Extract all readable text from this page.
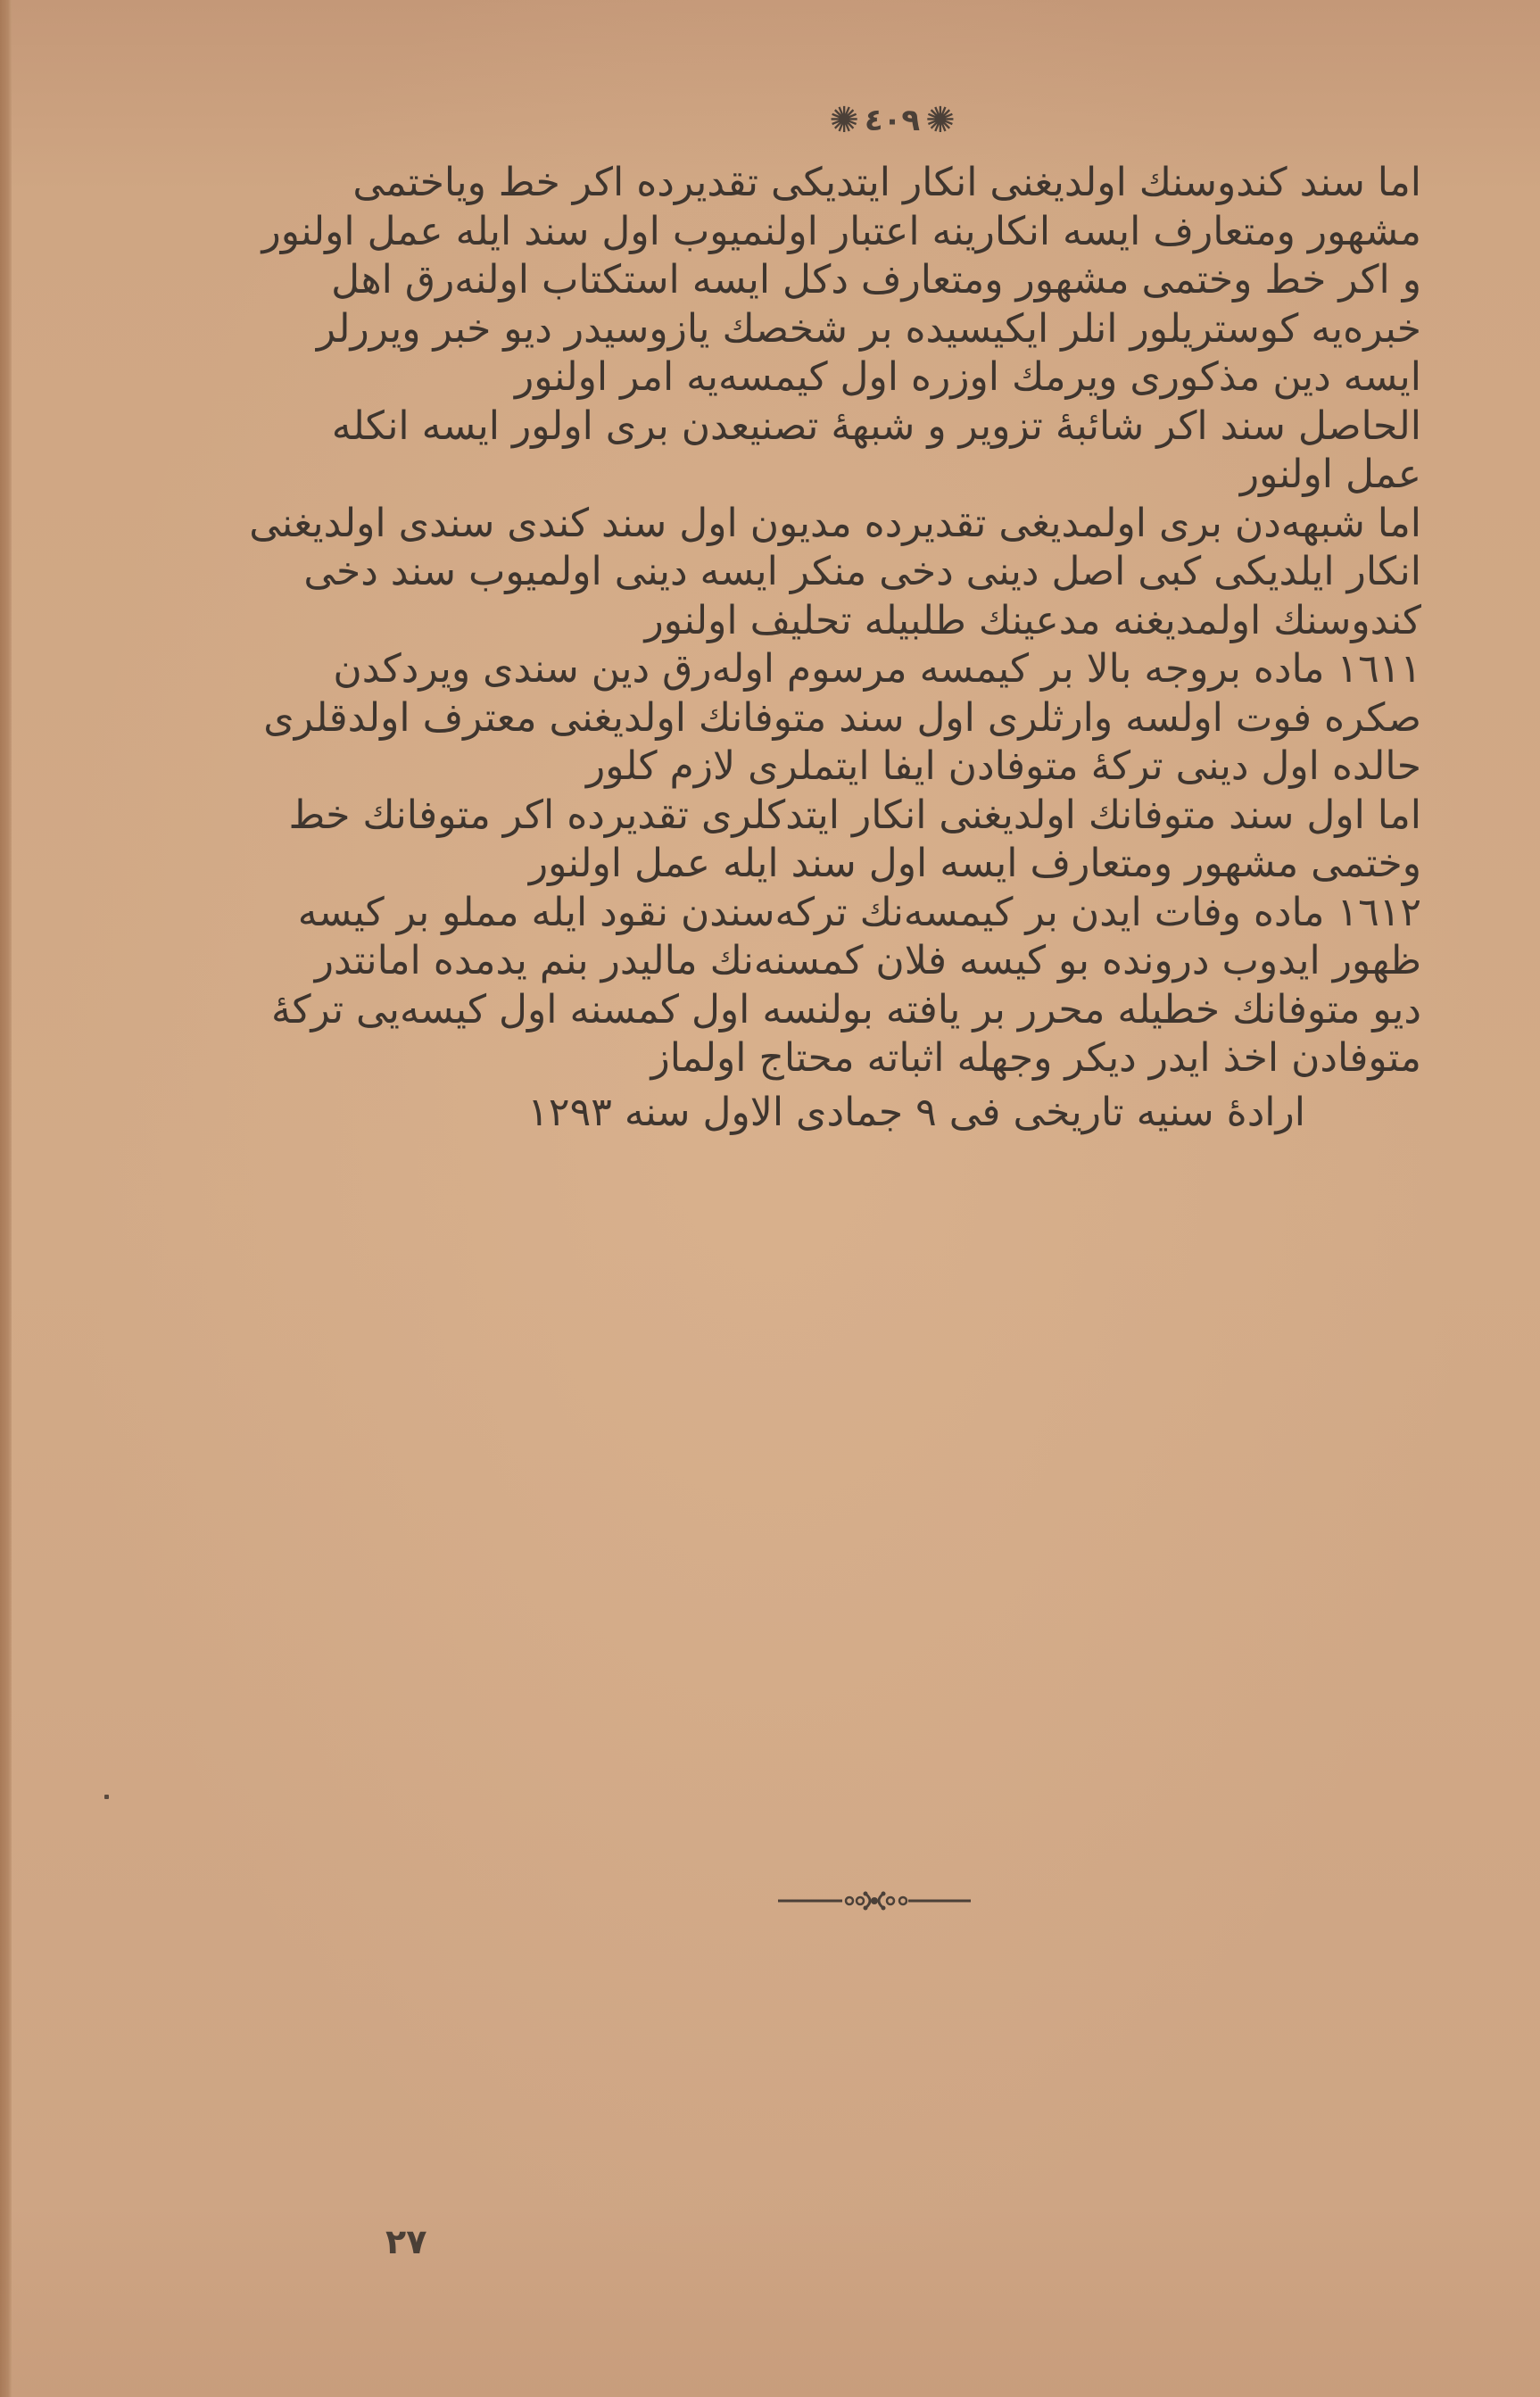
✺ ٤٠٩ ✺
اما سند كندوسنك اولديغنى انكار ايتديكى تقديرده اكر خط وياختمى
مشهور ومتعارف ايسه انكارينه اعتبار اولنميوب اول سند ايله عمل اولنور
و اكر خط وختمى مشهور ومتعارف دكل ايسه استكتاب اولنه‌رق اهل
خبره‌يه كوستريلور انلر ايكيسيده بر شخصك يازوسيدر ديو خبر ويررلر
ايسه دين مذكورى ويرمك اوزره اول كيمسه‌يه امر اولنور
الحاصل سند اكر شائبهٔ تزوير و شبههٔ تصنيعدن برى اولور ايسه انكله
عمل اولنور
اما شبهه‌دن برى اولمديغى تقديرده مديون اول سند كندى سندى اولديغنى
انكار ايلديكى كبى اصل دينى دخى منكر ايسه دينى اولميوب سند دخى
كندوسنك اولمديغنه مدعينك طلبيله تحليف اولنور
١٦١١ ماده بروجه بالا بر كيمسه مرسوم اوله‌رق دين سندى ويردكدن
صكره فوت اولسه وارثلرى اول سند متوفانك اولديغنى معترف اولدقلرى
حالده اول دينى تركهٔ متوفادن ايفا ايتملرى لازم كلور
اما اول سند متوفانك اولديغنى انكار ايتدكلرى تقديرده اكر متوفانك خط
وختمى مشهور ومتعارف ايسه اول سند ايله عمل اولنور
١٦١٢ ماده وفات ايدن بر كيمسه‌نك تركه‌سندن نقود ايله مملو بر كيسه
ظهور ايدوب درونده بو كيسه فلان كمسنه‌نك ماليدر بنم يدمده امانتدر
ديو متوفانك خطيله محرر بر يافته بولنسه اول كمسنه اول كيسه‌يى تركهٔ
متوفادن اخذ ايدر ديكر وجهله اثباته محتاج اولماز
ارادهٔ سنيه تاريخى فى ٩ جمادى الاول سنه ١٢٩٣
٢٧
